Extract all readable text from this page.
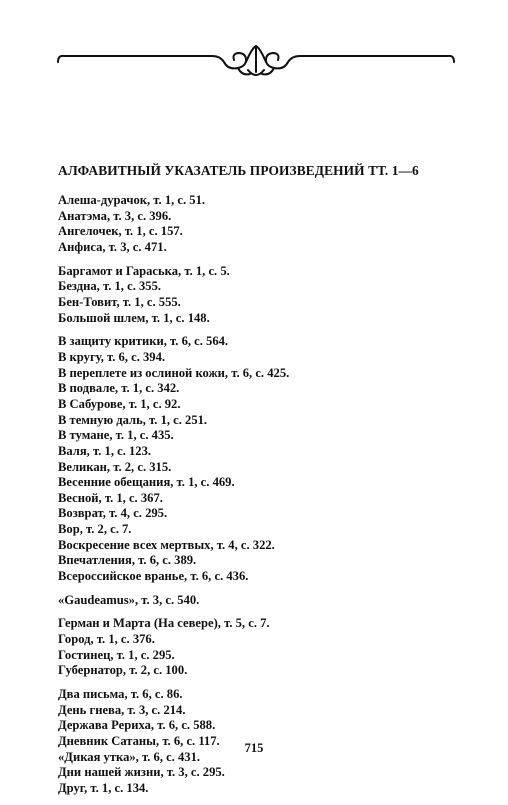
АЛФАВИТНЫЙ УКАЗАТЕЛЬ ПРОИЗВЕДЕНИЙ ТТ. 1—6
Алеша-дурачок, т. 1, с. 51.
Анатэма, т. 3, с. 396.
Ангелочек, т. 1, с. 157.
Анфиса, т. 3, с. 471.
Баргамот и Гараська, т. 1, с. 5.
Бездна, т. 1, с. 355.
Бен-Товит, т. 1, с. 555.
Большой шлем, т. 1, с. 148.
В защиту критики, т. 6, с. 564.
В кругу, т. 6, с. 394.
В переплете из ослиной кожи, т. 6, с. 425.
В подвале, т. 1, с. 342.
В Сабурове, т. 1, с. 92.
В темную даль, т. 1, с. 251.
В тумане, т. 1, с. 435.
Валя, т. 1, с. 123.
Великан, т. 2, с. 315.
Весенние обещания, т. 1, с. 469.
Весной, т. 1, с. 367.
Возврат, т. 4, с. 295.
Вор, т. 2, с. 7.
Воскресение всех мертвых, т. 4, с. 322.
Впечатления, т. 6, с. 389.
Всероссийское вранье, т. 6, с. 436.
«Gaudeamus», т. 3, с. 540.
Герман и Марта (На севере), т. 5, с. 7.
Город, т. 1, с. 376.
Гостинец, т. 1, с. 295.
Губернатор, т. 2, с. 100.
Два письма, т. 6, с. 86.
День гнева, т. 3, с. 214.
Держава Рериха, т. 6, с. 588.
Дневник Сатаны, т. 6, с. 117.
«Дикая утка», т. 6, с. 431.
Дни нашей жизни, т. 3, с. 295.
Друг, т. 1, с. 134.
715
